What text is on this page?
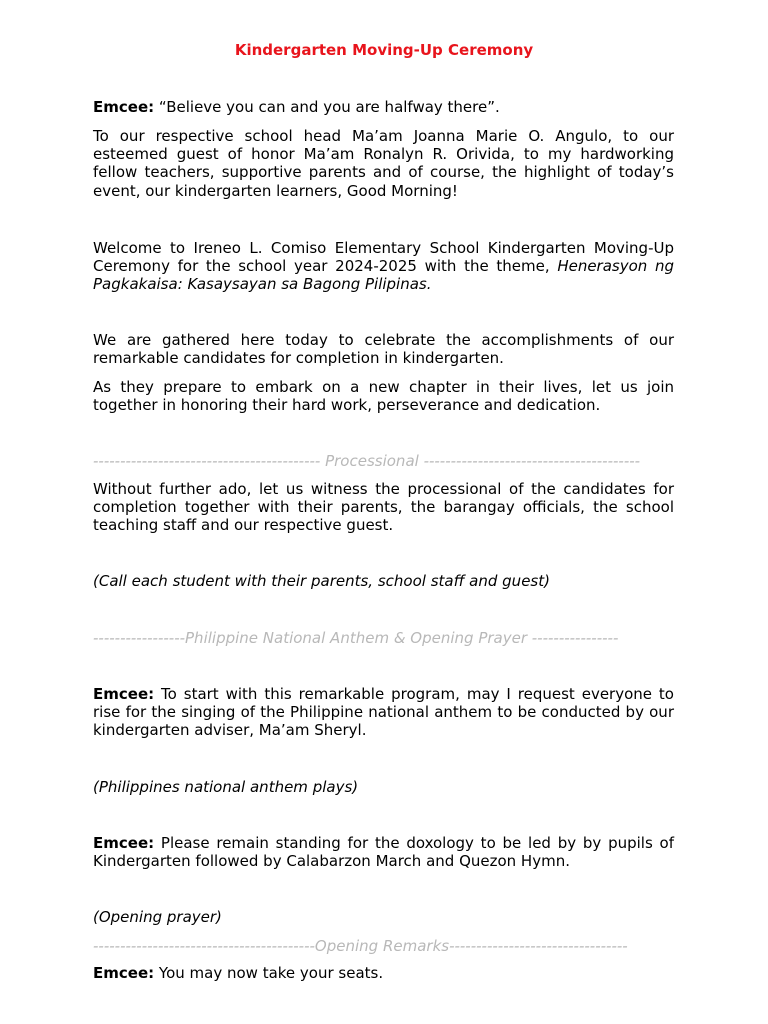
Kindergarten Moving-Up Ceremony
Emcee: “Believe you can and you are halfway there”.
To our respective school head Ma’am Joanna Marie O. Angulo, to our esteemed guest of honor Ma’am Ronalyn R. Orivida, to my hardworking fellow teachers, supportive parents and of course, the highlight of today’s event, our kindergarten learners, Good Morning!
Welcome to Ireneo L. Comiso Elementary School Kindergarten Moving-Up Ceremony for the school year 2024-2025 with the theme, Henerasyon ng Pagkakaisa: Kasaysayan sa Bagong Pilipinas.
We are gathered here today to celebrate the accomplishments of our remarkable candidates for completion in kindergarten.
As they prepare to embark on a new chapter in their lives, let us join together in honoring their hard work, perseverance and dedication.
------------------------------------------ Processional ----------------------------------------
Without further ado, let us witness the processional of the candidates for completion together with their parents, the barangay officials, the school teaching staff and our respective guest.
(Call each student with their parents, school staff and guest)
-----------------Philippine National Anthem & Opening Prayer ----------------
Emcee: To start with this remarkable program, may I request everyone to rise for the singing of the Philippine national anthem to be conducted by our kindergarten adviser, Ma’am Sheryl.
(Philippines national anthem plays)
Emcee: Please remain standing for the doxology to be led by by pupils of Kindergarten followed by Calabarzon March and Quezon Hymn.
(Opening prayer)
-----------------------------------------Opening Remarks---------------------------------
Emcee: You may now take your seats.
